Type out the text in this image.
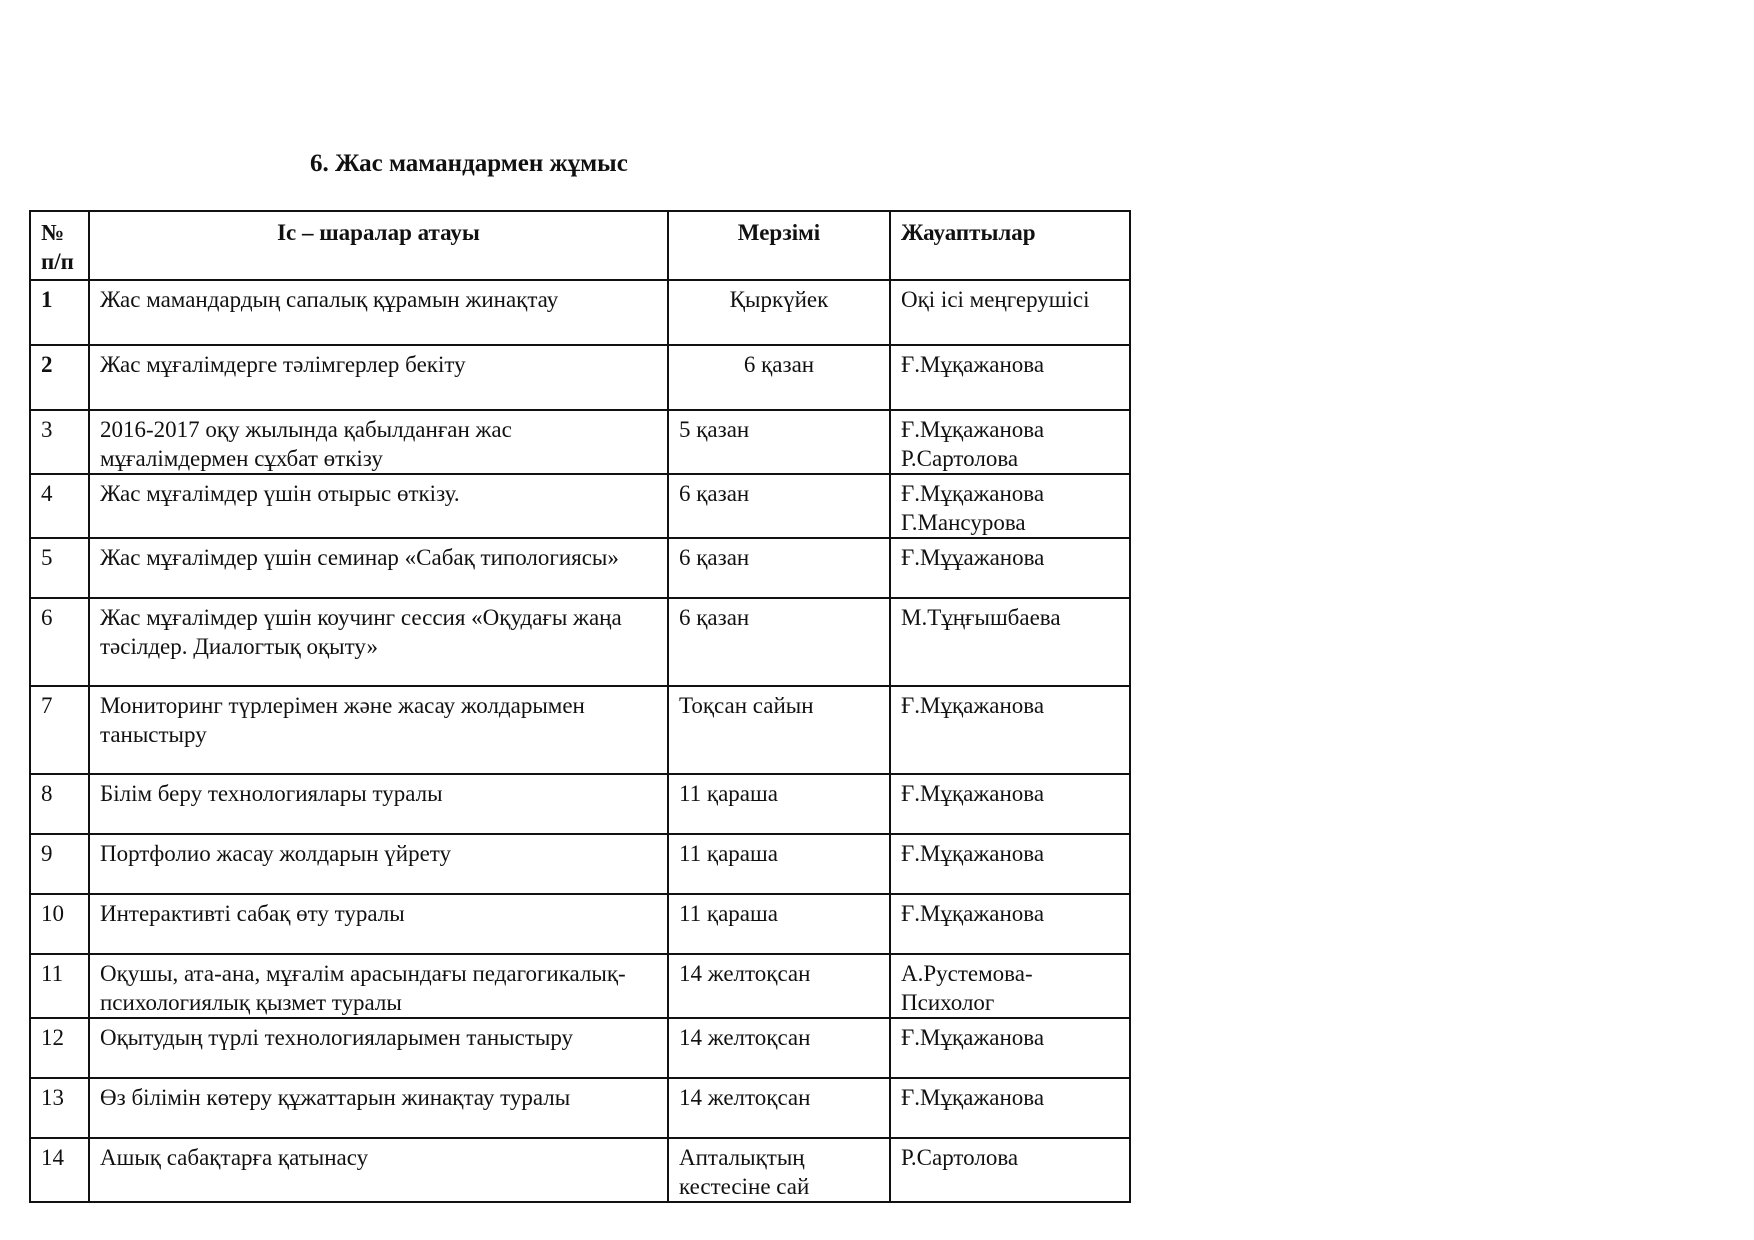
6. Жас мамандармен жұмыс
№ п/п	Іс – шаралар атауы	Мерзімі	Жауаптылар
1	Жас мамандардың сапалық құрамын жинақтау	Қыркүйек	Оқі ісі меңгерушісі
2	Жас мұғалімдерге тәлімгерлер бекіту	6 қазан	Ғ.Мұқажанова
3	2016-2017 оқу жылында қабылданған жас мұғалімдермен сұхбат өткізу	5 қазан	Ғ.Мұқажанова Р.Сартолова
4	Жас мұғалімдер үшін отырыс өткізу.	6 қазан	Ғ.Мұқажанова Г.Мансурова
5	Жас мұғалімдер үшін семинар «Сабақ типологиясы»	6 қазан	Ғ.Мұұажанова
6	Жас мұғалімдер үшін коучинг сессия «Оқудағы жаңа тәсілдер. Диалогтық оқыту»	6 қазан	М.Тұңғышбаева
7	Мониторинг түрлерімен және жасау жолдарымен таныстыру	Тоқсан сайын	Ғ.Мұқажанова
8	Білім беру технологиялары туралы	11 қараша	Ғ.Мұқажанова
9	Портфолио жасау жолдарын үйрету	11 қараша	Ғ.Мұқажанова
10	Интерактивті сабақ өту туралы	11 қараша	Ғ.Мұқажанова
11	Оқушы, ата-ана, мұғалім арасындағы педагогикалық-психологиялық қызмет туралы	14 желтоқсан	А.Рустемова-Психолог
12	Оқытудың түрлі технологияларымен таныстыру	14 желтоқсан	Ғ.Мұқажанова
13	Өз білімін көтеру құжаттарын жинақтау туралы	14 желтоқсан	Ғ.Мұқажанова
14	Ашық сабақтарға қатынасу	Апталықтың кестесіне сай	Р.Сартолова
